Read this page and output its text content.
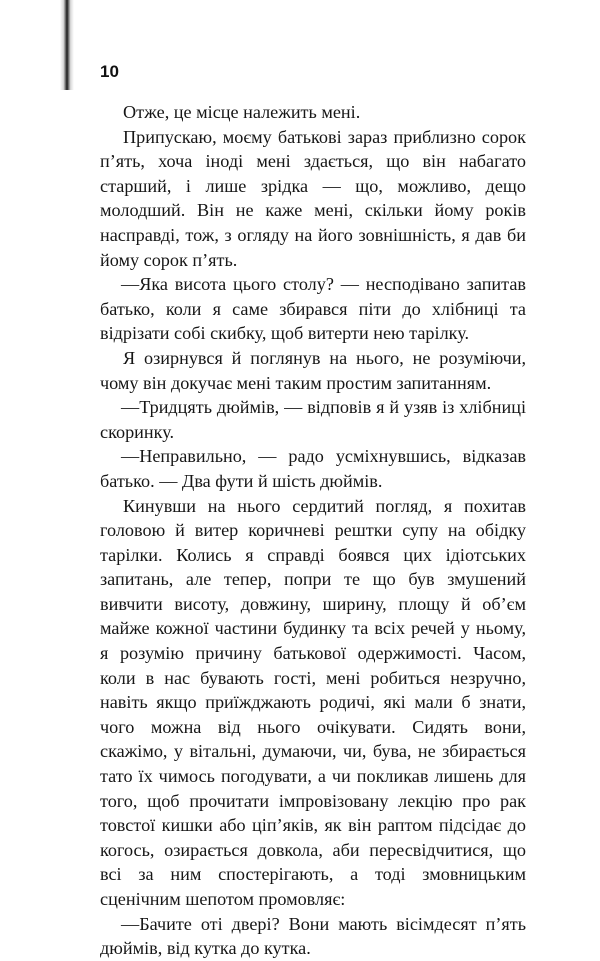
10

Отже, це місце належить мені.

Припускаю, моєму батькові зараз приблизно сорок п’ять, хоча іноді мені здається, що він набагато старший, і лише зрідка — що, можливо, дещо молодший. Він не каже мені, скільки йому років насправді, тож, з огляду на його зовнішність, я дав би йому сорок п’ять.

—Яка висота цього столу? — несподівано запитав батько, коли я саме збирався піти до хлібниці та відрізати собі скибку, щоб витерти нею тарілку.

Я озирнувся й поглянув на нього, не розуміючи, чому він докучає мені таким простим запитанням.

—Тридцять дюймів, — відповів я й узяв із хлібниці скоринку.

—Неправильно, — радо усміхнувшись, відказав батько. — Два фути й шість дюймів.

Кинувши на нього сердитий погляд, я похитав головою й витер коричневі рештки супу на обідку тарілки. Колись я справді боявся цих ідіотських запитань, але тепер, попри те що був змушений вивчити висоту, довжину, ширину, площу й об’єм майже кожної частини будинку та всіх речей у ньому, я розумію причину батькової одержимості. Часом, коли в нас бувають гості, мені робиться незручно, навіть якщо приїжджають родичі, які мали б знати, чого можна від нього очікувати. Сидять вони, скажімо, у вітальні, думаючи, чи, бува, не збирається тато їх чимось погодувати, а чи покликав лишень для того, щоб прочитати імпровізовану лекцію про рак товстої кишки або ціп’яків, як він раптом підсідає до когось, озирається довкола, аби пересвідчитися, що всі за ним спостерігають, а тоді змовницьким сценічним шепотом промовляє:

—Бачите оті двері? Вони мають вісімдесят п’ять дюймів, від кутка до кутка.
